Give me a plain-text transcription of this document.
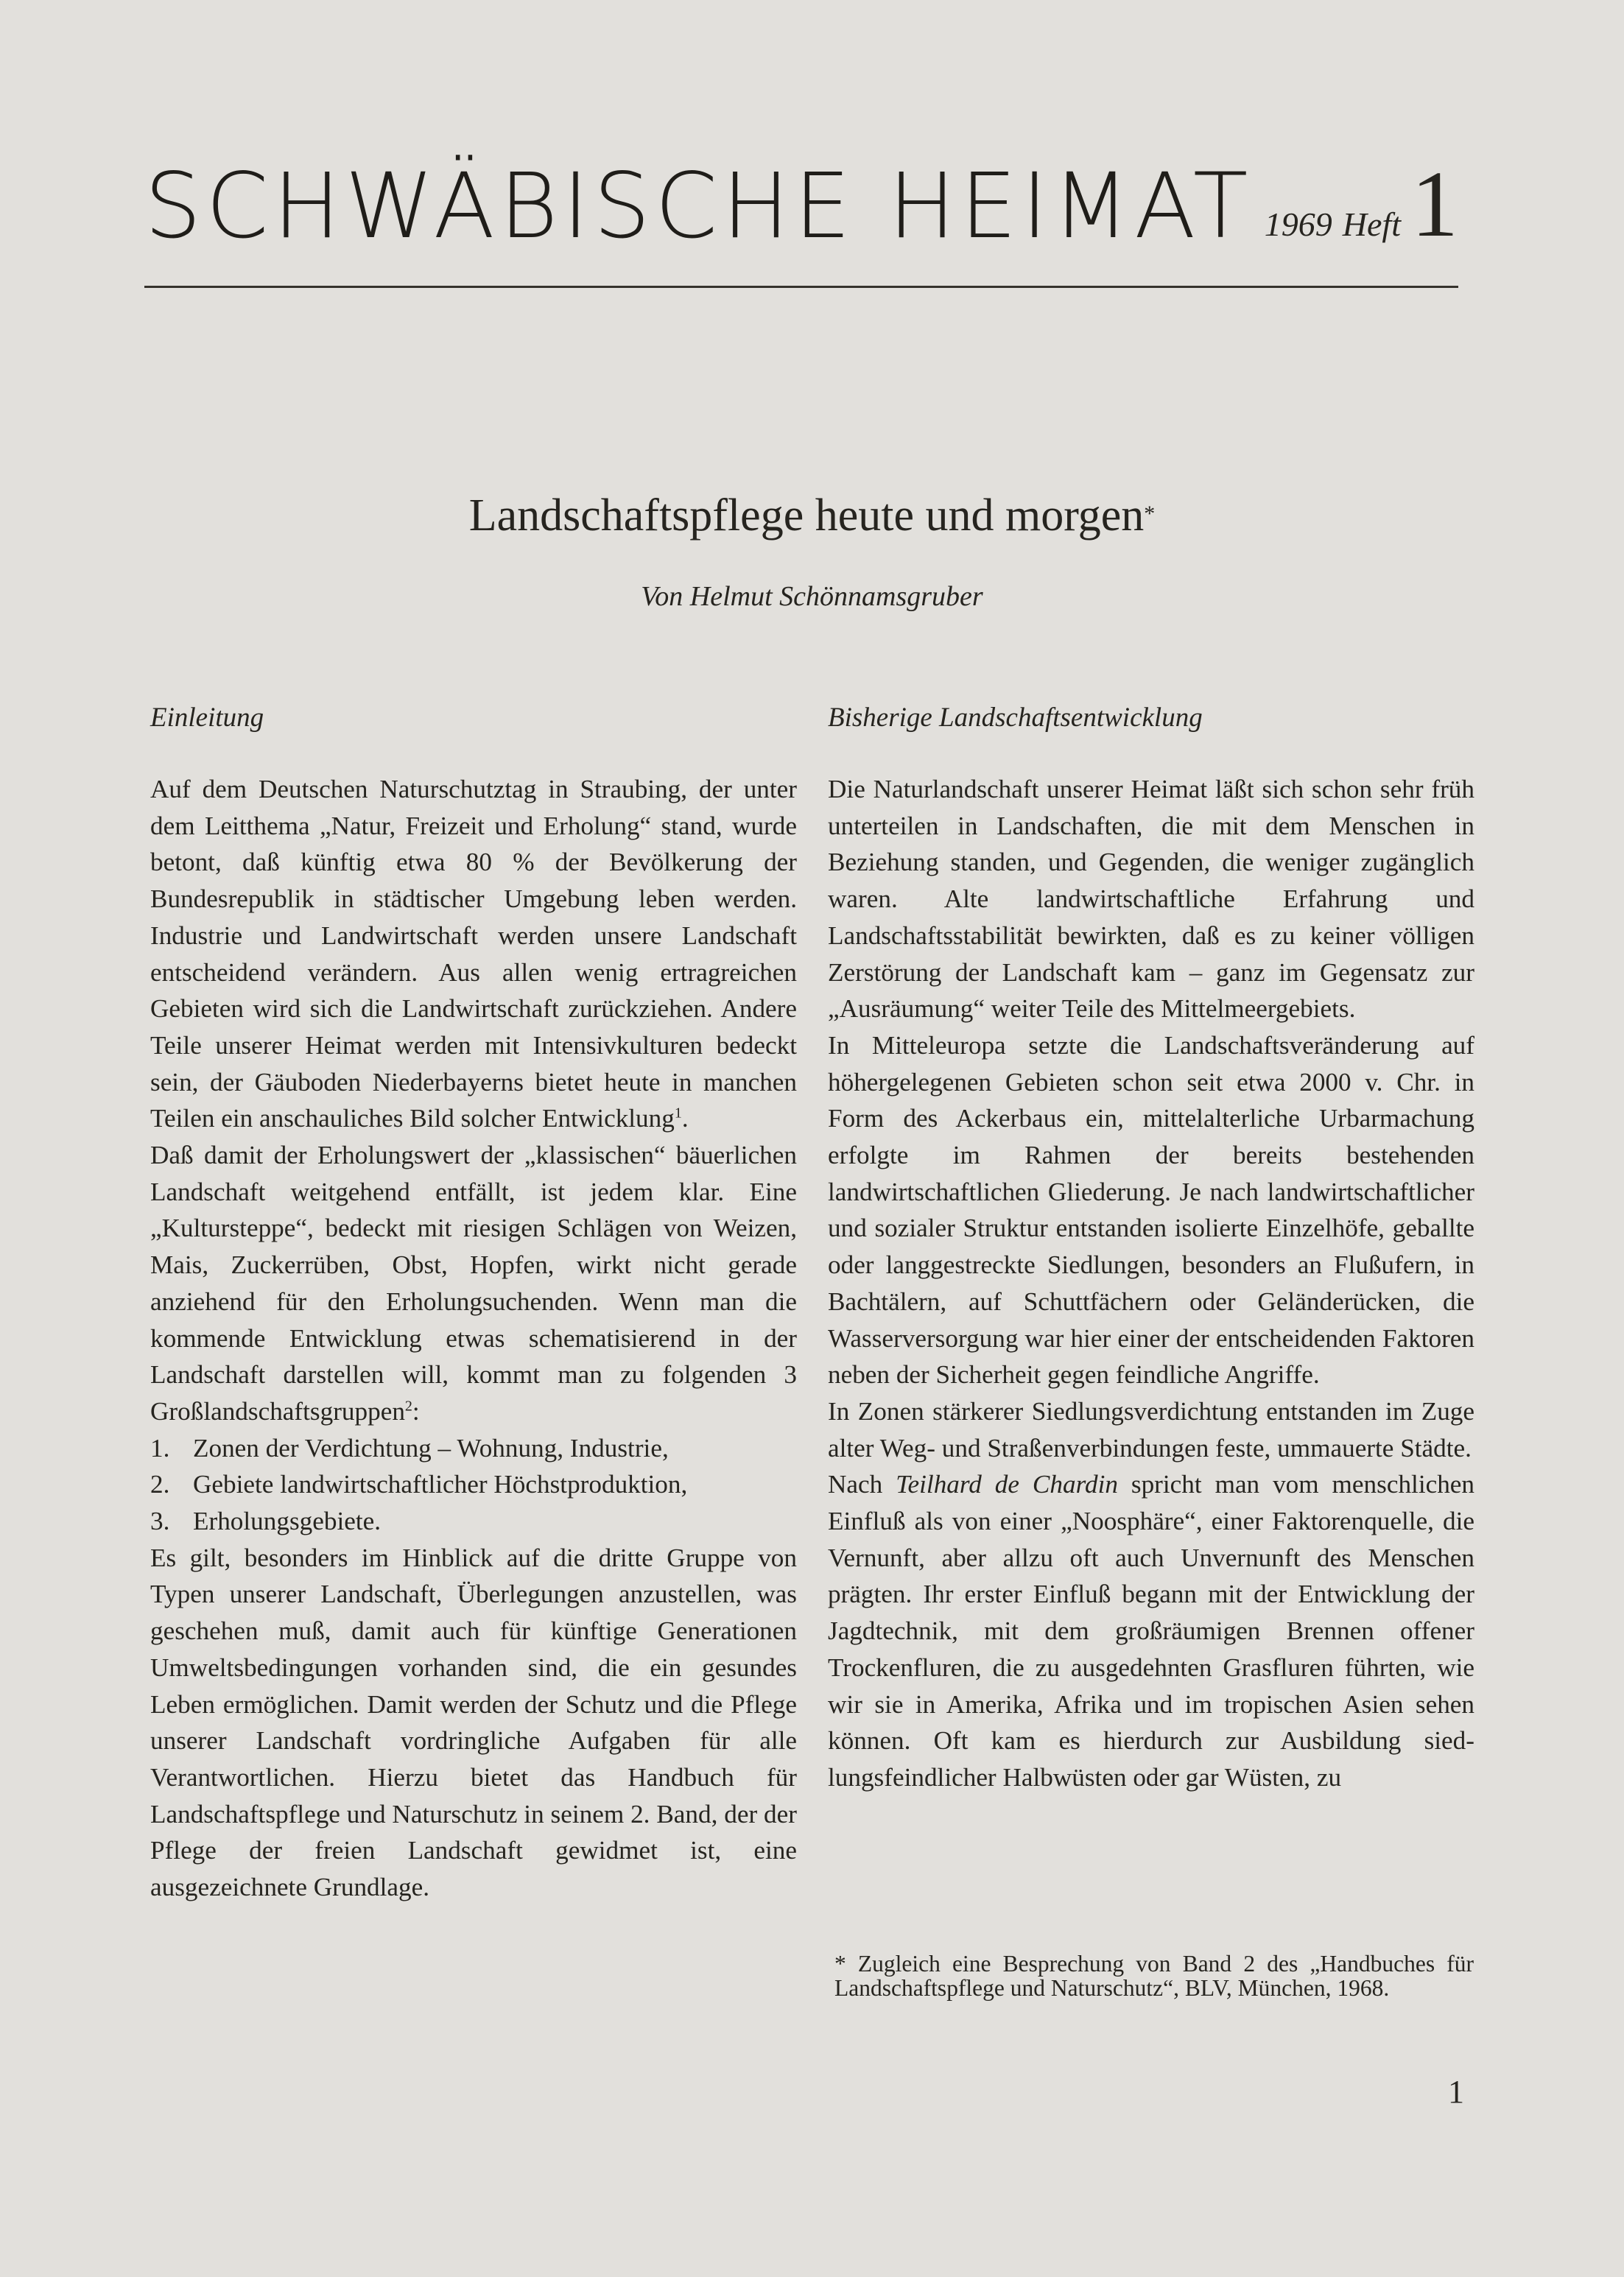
SCHWÄBISCHE HEIMAT 1969 Heft 1
Landschaftspflege heute und morgen*
Von Helmut Schönnamsgruber
Einleitung

Auf dem Deutschen Naturschutztag in Straubing, der unter dem Leitthema „Natur, Freizeit und Erholung“ stand, wurde betont, daß künftig etwa 80 % der Bevölkerung der Bundesrepublik in städtischer Umgebung leben werden. Industrie und Landwirtschaft werden unsere Landschaft entscheidend verändern. Aus allen wenig ertragreichen Gebieten wird sich die Landwirtschaft zurückziehen. Andere Teile unserer Heimat werden mit Intensivkulturen bedeckt sein, der Gäuboden Niederbayerns bietet heute in manchen Teilen ein anschauliches Bild solcher Entwicklung$^1$.

Daß damit der Erholungswert der „klassischen“ bäuerlichen Landschaft weitgehend entfällt, ist jedem klar. Eine „Kultursteppe“, bedeckt mit riesigen Schlägen von Weizen, Mais, Zuckerrüben, Obst, Hopfen, wirkt nicht gerade anziehend für den Erholungsuchenden. Wenn man die kommende Entwicklung etwas schematisierend in der Landschaft darstellen will, kommt man zu folgenden 3 Großlandschaftsgruppen$^2$:

1. Zonen der Verdichtung – Wohnung, Industrie,
2. Gebiete landwirtschaftlicher Höchstproduktion,
3. Erholungsgebiete.

Es gilt, besonders im Hinblick auf die dritte Gruppe von Typen unserer Landschaft, Überlegungen anzustellen, was geschehen muß, damit auch für künftige Generationen Umweltsbedingungen vorhanden sind, die ein gesundes Leben ermöglichen. Damit werden der Schutz und die Pflege unserer Landschaft vordringliche Aufgaben für alle Verantwortlichen. Hierzu bietet das Handbuch für Landschaftspflege und Naturschutz in seinem 2. Band, der der Pflege der freien Landschaft gewidmet ist, eine ausgezeichnete Grundlage.

Bisherige Landschaftsentwicklung

Die Naturlandschaft unserer Heimat läßt sich schon sehr früh unterteilen in Landschaften, die mit dem Menschen in Beziehung standen, und Gegenden, die weniger zugänglich waren. Alte landwirtschaftliche Erfahrung und Landschaftsstabilität bewirkten, daß es zu keiner völligen Zerstörung der Landschaft kam – ganz im Gegensatz zur „Ausräumung“ weiter Teile des Mittelmeergebiets.

In Mitteleuropa setzte die Landschaftsveränderung auf höhergelegenen Gebieten schon seit etwa 2000 v. Chr. in Form des Ackerbaus ein, mittelalterliche Urbarmachung erfolgte im Rahmen der bereits bestehenden landwirtschaftlichen Gliederung. Je nach landwirtschaftlicher und sozialer Struktur entstanden isolierte Einzelhöfe, geballte oder langgestreckte Siedlungen, besonders an Flußufern, in Bachtälern, auf Schuttfächern oder Geländerücken, die Wasserversorgung war hier einer der entscheidenden Faktoren neben der Sicherheit gegen feindliche Angriffe.

In Zonen stärkerer Siedlungsverdichtung entstanden im Zuge alter Weg- und Straßenverbindungen feste, ummauerte Städte.

Nach Teilhard de Chardin spricht man vom menschlichen Einfluß als von einer „Noosphäre“, einer Faktorenquelle, die Vernunft, aber allzu oft auch Unvernunft des Menschen prägten. Ihr erster Einfluß begann mit der Entwicklung der Jagdtechnik, mit dem großräumigen Brennen offener Trockenfluren, die zu ausgedehnten Grasfluren führten, wie wir sie in Amerika, Afrika und im tropischen Asien sehen können. Oft kam es hierdurch zur Ausbildung siedlungsfeindlicher Halbwüsten oder gar Wüsten, zu

* Zugleich eine Besprechung von Band 2 des „Handbuches für Landschaftspflege und Naturschutz“, BLV, München, 1968.
1
